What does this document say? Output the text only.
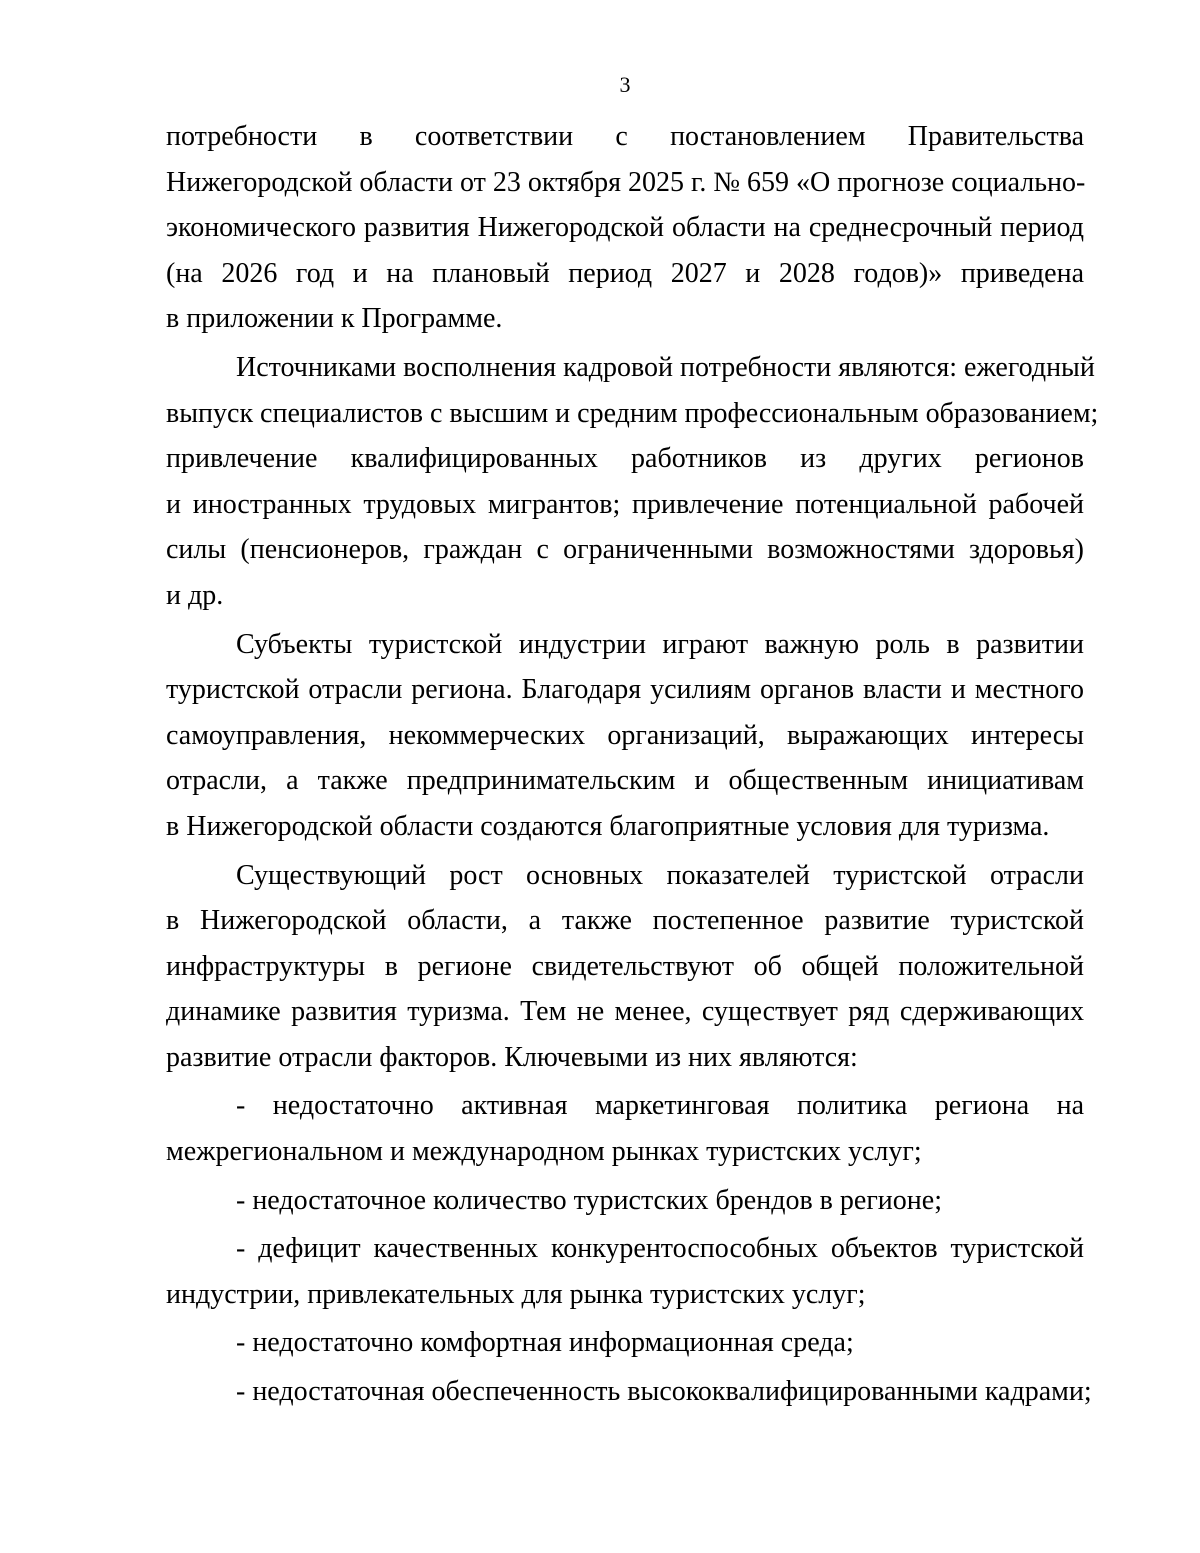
3
потребности в соответствии с постановлением Правительства
Нижегородской области от 23 октября 2025 г. № 659 «О прогнозе социально-
экономического развития Нижегородской области на среднесрочный период
(на 2026 год и на плановый период 2027 и 2028 годов)» приведена
в приложении к Программе.
Источниками восполнения кадровой потребности являются: ежегодный
выпуск специалистов с высшим и средним профессиональным образованием;
привлечение квалифицированных работников из других регионов
и иностранных трудовых мигрантов; привлечение потенциальной рабочей
силы (пенсионеров, граждан с ограниченными возможностями здоровья)
и др.
Субъекты туристской индустрии играют важную роль в развитии
туристской отрасли региона. Благодаря усилиям органов власти и местного
самоуправления, некоммерческих организаций, выражающих интересы
отрасли, а также предпринимательским и общественным инициативам
в Нижегородской области создаются благоприятные условия для туризма.
Существующий рост основных показателей туристской отрасли
в Нижегородской области, а также постепенное развитие туристской
инфраструктуры в регионе свидетельствуют об общей положительной
динамике развития туризма. Тем не менее, существует ряд сдерживающих
развитие отрасли факторов. Ключевыми из них являются:
- недостаточно активная маркетинговая политика региона на
межрегиональном и международном рынках туристских услуг;
- недостаточное количество туристских брендов в регионе;
- дефицит качественных конкурентоспособных объектов туристской
индустрии, привлекательных для рынка туристских услуг;
- недостаточно комфортная информационная среда;
- недостаточная обеспеченность высококвалифицированными кадрами;
